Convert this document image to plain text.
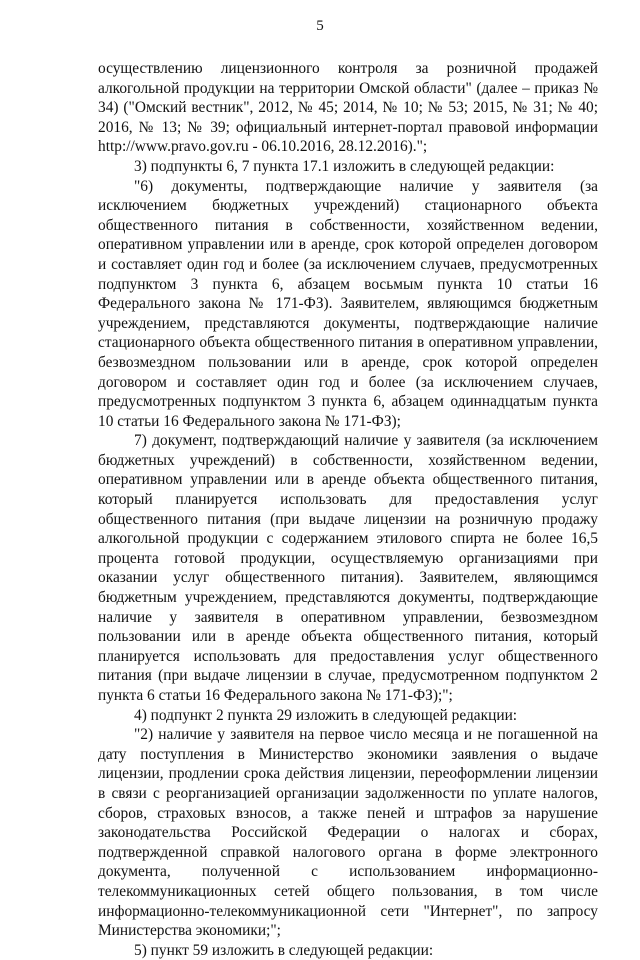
5

осуществлению лицензионного контроля за розничной продажей алкогольной продукции на территории Омской области" (далее – приказ № 34) ("Омский вестник", 2012, № 45; 2014, № 10; № 53; 2015, № 31; № 40; 2016, № 13; № 39; официальный интернет-портал правовой информации http://www.pravo.gov.ru - 06.10.2016, 28.12.2016).";

3) подпункты 6, 7 пункта 17.1 изложить в следующей редакции:

"6) документы, подтверждающие наличие у заявителя (за исключением бюджетных учреждений) стационарного объекта общественного питания в собственности, хозяйственном ведении, оперативном управлении или в аренде, срок которой определен договором и составляет один год и более (за исключением случаев, предусмотренных подпунктом 3 пункта 6, абзацем восьмым пункта 10 статьи 16 Федерального закона № 171-ФЗ). Заявителем, являющимся бюджетным учреждением, представляются документы, подтверждающие наличие стационарного объекта общественного питания в оперативном управлении, безвозмездном пользовании или в аренде, срок которой определен договором и составляет один год и более (за исключением случаев, предусмотренных подпунктом 3 пункта 6, абзацем одиннадцатым пункта 10 статьи 16 Федерального закона № 171-ФЗ);

7) документ, подтверждающий наличие у заявителя (за исключением бюджетных учреждений) в собственности, хозяйственном ведении, оперативном управлении или в аренде объекта общественного питания, который планируется использовать для предоставления услуг общественного питания (при выдаче лицензии на розничную продажу алкогольной продукции с содержанием этилового спирта не более 16,5 процента готовой продукции, осуществляемую организациями при оказании услуг общественного питания). Заявителем, являющимся бюджетным учреждением, представляются документы, подтверждающие наличие у заявителя в оперативном управлении, безвозмездном пользовании или в аренде объекта общественного питания, который планируется использовать для предоставления услуг общественного питания (при выдаче лицензии в случае, предусмотренном подпунктом 2 пункта 6 статьи 16 Федерального закона № 171-ФЗ);";

4) подпункт 2 пункта 29 изложить в следующей редакции:

"2) наличие у заявителя на первое число месяца и не погашенной на дату поступления в Министерство экономики заявления о выдаче лицензии, продлении срока действия лицензии, переоформлении лицензии в связи с реорганизацией организации задолженности по уплате налогов, сборов, страховых взносов, а также пеней и штрафов за нарушение законодательства Российской Федерации о налогах и сборах, подтвержденной справкой налогового органа в форме электронного документа, полученной с использованием информационно-телекоммуникационных сетей общего пользования, в том числе информационно-телекоммуникационной сети "Интернет", по запросу Министерства экономики;";

5) пункт 59 изложить в следующей редакции:
